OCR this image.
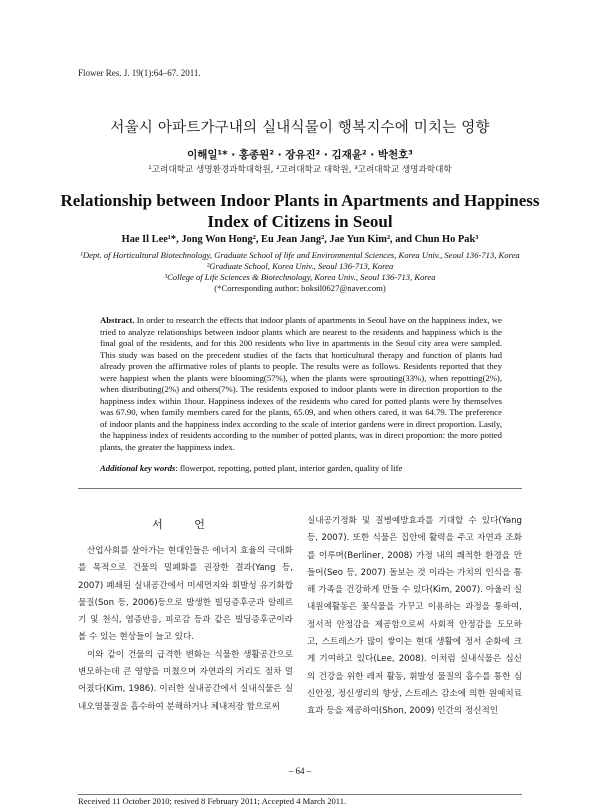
Flower Res. J. 19(1):64–67. 2011.
서울시 아파트가구내의 실내식물이 행복지수에 미치는 영향
이해일¹* · 홍종원² · 장유진² · 김재윤² · 박천호³
¹고려대학교 생명환경과학대학원, ²고려대학교 대학원, ³고려대학교 생명과학대학
Relationship between Indoor Plants in Apartments and Happiness Index of Citizens in Seoul
Hae Il Lee¹*, Jong Won Hong², Eu Jean Jang², Jae Yun Kim², and Chun Ho Pak³
¹Dept. of Horticultural Biotechnology, Graduate School of life and Environmental Sciences, Korea Univ., Seoul 136-713, Korea
²Graduate School, Korea Univ., Seoul 136-713, Korea
³College of Life Sciences & Biotechnology, Korea Univ., Seoul 136-713, Korea
(*Corresponding author: boksil0627@naver.com)
Abstract. In order to research the effects that indoor plants of apartments in Seoul have on the happiness index, we tried to analyze relationships between indoor plants which are nearest to the residents and happiness which is the final goal of the residents, and for this 200 residents who live in apartments in the Seoul city area were sampled. This study was based on the precedent studies of the facts that horticultural therapy and function of plants had already proven the affirmative roles of plants to people. The results were as follows. Residents reported that they were happiest when the plants were blooming(57%), when the plants were sprouting(33%), when repotting(2%), when distributing(2%) and others(7%). The residents exposed to indoor plants were in direction proportion to the happiness index within 1hour. Happiness indexes of the residents who cared for potted plants were by themselves was 67.90, when family members cared for the plants, 65.09, and when others cared, it was 64.79. The preference of indoor plants and the happiness index according to the scale of interior gardens were in direct proportion. Lastly, the happiness index of residents according to the number of potted plants, was in direct proportion: the more potted plants, the greater the happiness index.
Additional key words: flowerpot, repotting, potted plant, interior garden, quality of life
서 언

산업사회를 살아가는 현대인들은 에너지 효율의 극대화를 목적으로 건물의 밀폐화를 권장한 결과(Yang 등, 2007) 폐쇄된 실내공간에서 미세먼지와 휘발성 유기화합물질(Son 등, 2006)등으로 발생한 빌딩증후군과 알레르기 및 천식, 염증반응, 피로감 등과 같은 빌딩증후군이라 볼 수 있는 현상들이 늘고 있다.

이와 같이 건물의 급격한 변화는 식물한 생활공간으로 변모하는데 큰 영향을 미쳤으며 자연과의 거리도 점차 멀어졌다(Kim, 1986). 이러한 실내공간에서 실내식물은 실내오염물질을 흡수하여 분해하거나 체내저장 함으로써

실내공기정화 및 질병예방효과를 기대할 수 있다(Yang 등, 2007). 또한 식물은 집안에 활력을 주고 자연과 조화를 이루며(Berliner, 2008) 가정 내의 쾌적한 환경을 만들어(Seo 등, 2007) 돌보는 것 이라는 가치의 인식을 통해 가족을 건강하게 만들 수 있다(Kim, 2007). 아울러 실내원예활동은 꽃식물을 가꾸고 이용하는 과정을 통하여, 정서적 안정감을 제공함으로써 사회적 안정감을 도모하고, 스트레스가 많이 쌓이는 현대 생활에 정서 순화에 크게 기여하고 있다(Lee, 2008). 이처럼 실내식물은 심신의 건강을 위한 레저 활동, 휘발성 물질의 흡수를 통한 심신안정, 정신생리의 향상, 스트레스 감소에 의한 원예치료 효과 등을 제공하여(Shon, 2009) 인간의 정신적인

– 64 –
Received 11 October 2010; resived 8 February 2011; Accepted 4 March 2011.
